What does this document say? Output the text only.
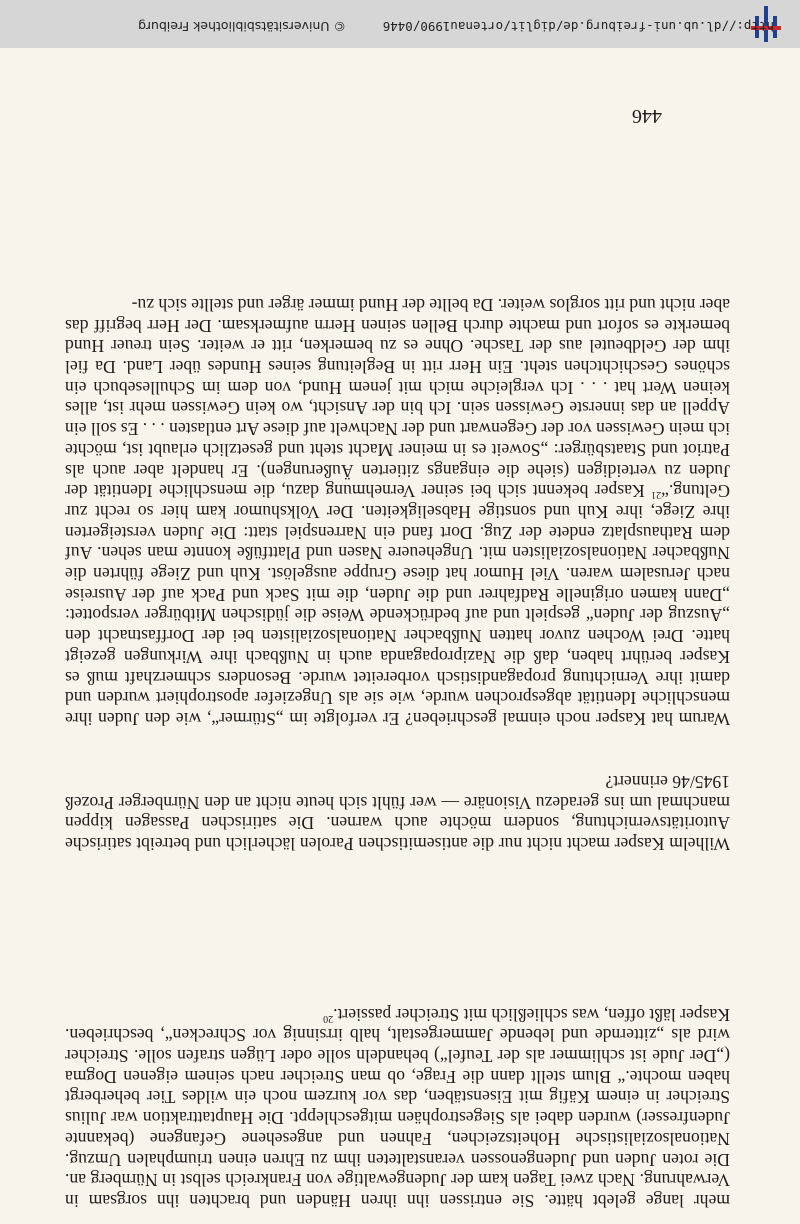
mehr lange gelebt hätte. Sie entrissen ihn ihren Händen und brachten ihn sorgsam in Verwahrung. Nach zwei Tagen kam der Judengewaltige von Frankreich selbst in Nürnberg an. Die roten Juden und Judengenossen veranstalteten ihm zu Ehren einen triumphalen Umzug. Nationalsozialistische Hoheitszeichen, Fahnen und angesehene Gefangene (bekannte Judenfresser) wurden dabei als Siegestrophäen mitgeschleppt. Die Hauptattraktion war Julius Streicher in einem Käfig mit Eisenstäben, das vor kurzem noch ein wildes Tier beherbergt haben mochte.“ Blum stellt dann die Frage, ob man Streicher nach seinem eigenen Dogma („Der Jude ist schlimmer als der Teufel“) behandeln solle oder Lügen strafen solle. Streicher wird als „zitternde und lebende Jammergestalt, halb irrsinnig vor Schrecken“, beschrieben. Kasper läßt offen, was schließlich mit Streicher passiert.$^{20}$

Wilhelm Kasper macht nicht nur die antisemitischen Parolen lächerlich und betreibt satirische Autoritätsvernichtung, sondern möchte auch warnen. Die satirischen Passagen kippen manchmal um ins geradezu Visionäre — wer fühlt sich heute nicht an den Nürnberger Prozeß 1945/46 erinnert?

Warum hat Kasper noch einmal geschrieben? Er verfolgte im „Stürmer“, wie den Juden ihre menschliche Identität abgesprochen wurde, wie sie als Ungeziefer apostrophiert wurden und damit ihre Vernichtung propagandistisch vorbereitet wurde. Besonders schmerzhaft muß es Kasper berührt haben, daß die Nazipropaganda auch in Nußbach ihre Wirkungen gezeigt hatte. Drei Wochen zuvor hatten Nußbacher Nationalsozialisten bei der Dorffastnacht den „Auszug der Juden“ gespielt und auf bedrückende Weise die jüdischen Mitbürger verspottet: „Dann kamen originelle Radfahrer und die Juden, die mit Sack und Pack auf der Ausreise nach Jerusalem waren. Viel Humor hat diese Gruppe ausgelöst. Kuh und Ziege führten die Nußbacher Nationalsozialisten mit. Ungeheuere Nasen und Plattfüße konnte man sehen. Auf dem Rathausplatz endete der Zug. Dort fand ein Narrenspiel statt: Die Juden versteigerten ihre Ziege, ihre Kuh und sonstige Habseligkeiten. Der Volkshumor kam hier so recht zur Geltung.“$^{21}$ Kasper bekennt sich bei seiner Vernehmung dazu, die menschliche Identität der Juden zu verteidigen (siehe die eingangs zitierten Äußerungen). Er handelt aber auch als Patriot und Staatsbürger: „Soweit es in meiner Macht steht und gesetzlich erlaubt ist, möchte ich mein Gewissen vor der Gegenwart und der Nachwelt auf diese Art entlasten . . . Es soll ein Appell an das innerste Gewissen sein. Ich bin der Ansicht, wo kein Gewissen mehr ist, alles keinen Wert hat . . . Ich vergleiche mich mit jenem Hund, von dem im Schullesebuch ein schönes Geschichtchen steht. Ein Herr ritt in Begleitung seines Hundes über Land. Da fiel ihm der Geldbeutel aus der Tasche. Ohne es zu bemerken, ritt er weiter. Sein treuer Hund bemerkte es sofort und machte durch Bellen seinen Herrn aufmerksam. Der Herr begriff das aber nicht und ritt sorglos weiter. Da bellte der Hund immer ärger und stellte sich zu-

446
http://dl.ub.uni-freiburg.de/diglit/ortenau1990/0446
© Universitätsbibliothek Freiburg
